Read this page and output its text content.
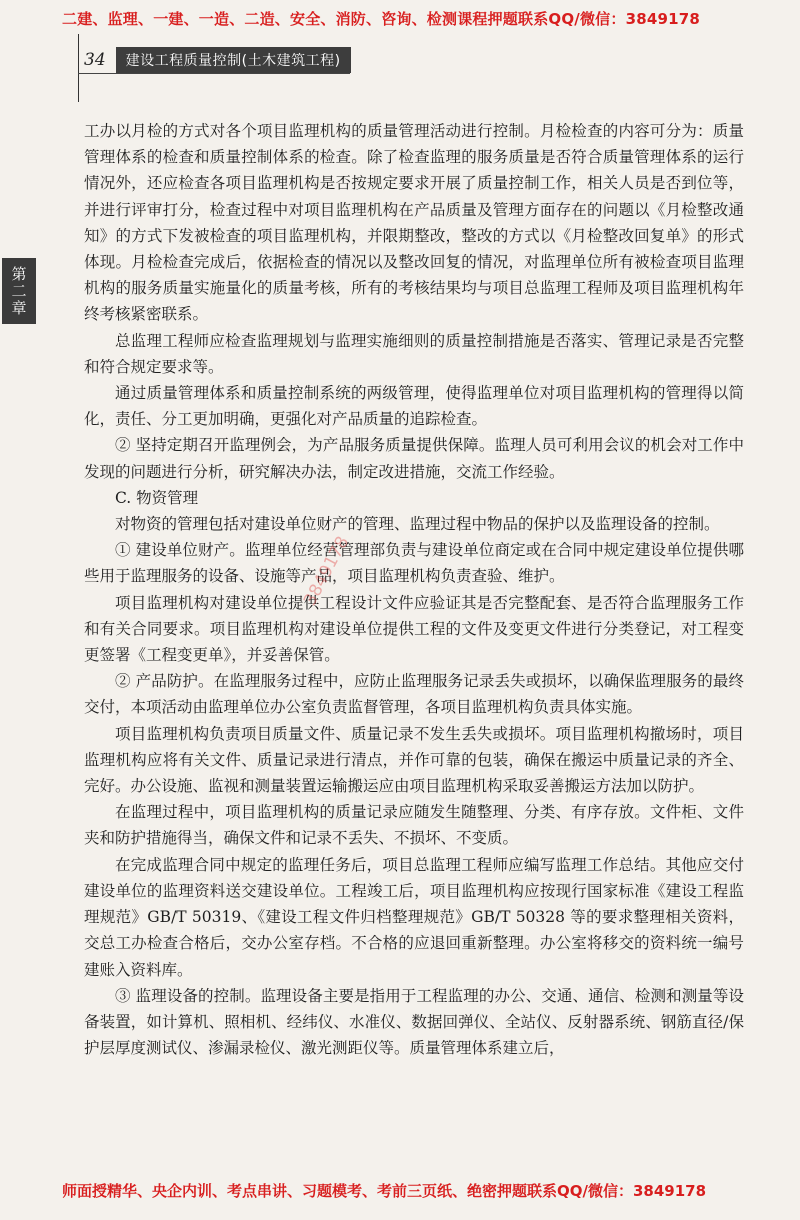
二建、监理、一建、一造、二造、安全、消防、咨询、检测课程押题联系QQ/微信：3849178
34	建设工程质量控制(土木建筑工程)
第二章

工办以月检的方式对各个项目监理机构的质量管理活动进行控制。月检检查的内容可分为：质量管理体系的检查和质量控制体系的检查。除了检查监理的服务质量是否符合质量管理体系的运行情况外，还应检查各项目监理机构是否按规定要求开展了质量控制工作，相关人员是否到位等，并进行评审打分，检查过程中对项目监理机构在产品质量及管理方面存在的问题以《月检整改通知》的方式下发被检查的项目监理机构，并限期整改，整改的方式以《月检整改回复单》的形式体现。月检检查完成后，依据检查的情况以及整改回复的情况，对监理单位所有被检查项目监理机构的服务质量实施量化的质量考核，所有的考核结果均与项目总监理工程师及项目监理机构年终考核紧密联系。

总监理工程师应检查监理规划与监理实施细则的质量控制措施是否落实、管理记录是否完整和符合规定要求等。

通过质量管理体系和质量控制系统的两级管理，使得监理单位对项目监理机构的管理得以简化，责任、分工更加明确，更强化对产品质量的追踪检查。

② 坚持定期召开监理例会，为产品服务质量提供保障。监理人员可利用会议的机会对工作中发现的问题进行分析，研究解决办法，制定改进措施，交流工作经验。

C. 物资管理

对物资的管理包括对建设单位财产的管理、监理过程中物品的保护以及监理设备的控制。

① 建设单位财产。监理单位经营管理部负责与建设单位商定或在合同中规定建设单位提供哪些用于监理服务的设备、设施等产品，项目监理机构负责查验、维护。

项目监理机构对建设单位提供工程设计文件应验证其是否完整配套、是否符合监理服务工作和有关合同要求。项目监理机构对建设单位提供工程的文件及变更文件进行分类登记，对工程变更签署《工程变更单》，并妥善保管。

② 产品防护。在监理服务过程中，应防止监理服务记录丢失或损坏，以确保监理服务的最终交付，本项活动由监理单位办公室负责监督管理，各项目监理机构负责具体实施。

项目监理机构负责项目质量文件、质量记录不发生丢失或损坏。项目监理机构撤场时，项目监理机构应将有关文件、质量记录进行清点，并作可靠的包装，确保在搬运中质量记录的齐全、完好。办公设施、监视和测量装置运输搬运应由项目监理机构采取妥善搬运方法加以防护。

在监理过程中，项目监理机构的质量记录应随发生随整理、分类、有序存放。文件柜、文件夹和防护措施得当，确保文件和记录不丢失、不损坏、不变质。

在完成监理合同中规定的监理任务后，项目总监理工程师应编写监理工作总结。其他应交付建设单位的监理资料送交建设单位。工程竣工后，项目监理机构应按现行国家标准《建设工程监理规范》GB/T 50319、《建设工程文件归档整理规范》GB/T 50328 等的要求整理相关资料，交总工办检查合格后，交办公室存档。不合格的应退回重新整理。办公室将移交的资料统一编号建账入资料库。

③ 监理设备的控制。监理设备主要是指用于工程监理的办公、交通、通信、检测和测量等设备装置，如计算机、照相机、经纬仪、水准仪、数据回弹仪、全站仪、反射器系统、钢筋直径/保护层厚度测试仪、渗漏录检仪、激光测距仪等。质量管理体系建立后，

3849178
师面授精华、央企内训、考点串讲、习题模考、考前三页纸、绝密押题联系QQ/微信：3849178
